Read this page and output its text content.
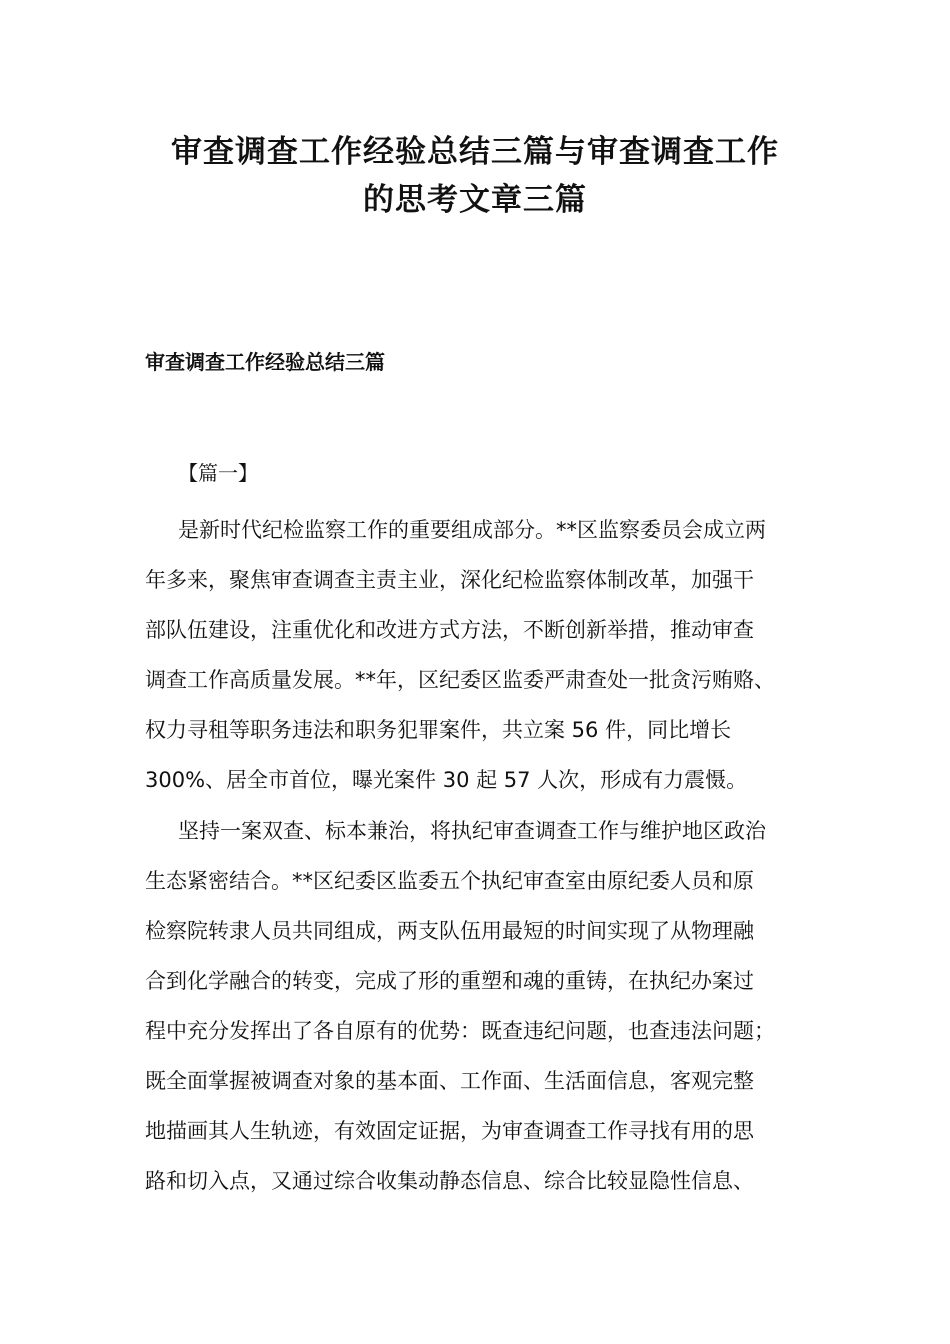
审查调查工作经验总结三篇与审查调查工作
的思考文章三篇
审查调查工作经验总结三篇
【篇一】
是新时代纪检监察工作的重要组成部分。**区监察委员会成立两
年多来，聚焦审查调查主责主业，深化纪检监察体制改革，加强干
部队伍建设，注重优化和改进方式方法，不断创新举措，推动审查
调查工作高质量发展。**年，区纪委区监委严肃查处一批贪污贿赂、
权力寻租等职务违法和职务犯罪案件，共立案 56 件，同比增长
300%、居全市首位，曝光案件 30 起 57 人次，形成有力震慑。
坚持一案双查、标本兼治，将执纪审查调查工作与维护地区政治
生态紧密结合。**区纪委区监委五个执纪审查室由原纪委人员和原
检察院转隶人员共同组成，两支队伍用最短的时间实现了从物理融
合到化学融合的转变，完成了形的重塑和魂的重铸，在执纪办案过
程中充分发挥出了各自原有的优势：既查违纪问题，也查违法问题；
既全面掌握被调查对象的基本面、工作面、生活面信息，客观完整
地描画其人生轨迹，有效固定证据，为审查调查工作寻找有用的思
路和切入点，又通过综合收集动静态信息、综合比较显隐性信息、
